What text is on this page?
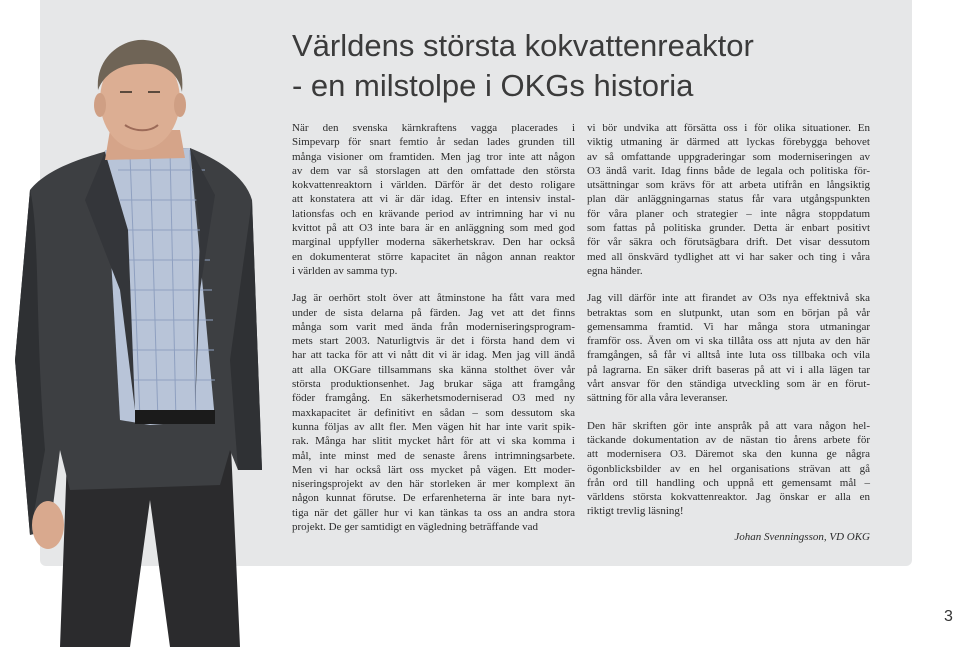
Världens största kokvattenreaktor
- en milstolpe i OKGs historia

När den svenska kärnkraftens vagga placerades i
Simpevarp för snart femtio år sedan lades grunden till
många visioner om framtiden. Men jag tror inte att någon
av dem var så storslagen att den omfattade den största
kokvattenreaktorn i världen. Därför är det desto roligare
att konstatera att vi är där idag. Efter en intensiv instal-
lationsfas och en krävande period av intrimning har vi nu
kvittot på att O3 inte bara är en anläggning som med god
marginal uppfyller moderna säkerhetskrav. Den har också
en dokumenterat större kapacitet än någon annan reaktor
i världen av samma typ.

Jag är oerhört stolt över att åtminstone ha fått vara med
under de sista delarna på färden. Jag vet att det finns
många som varit med ända från moderniseringsprogram-
mets start 2003. Naturligtvis är det i första hand dem vi
har att tacka för att vi nått dit vi är idag. Men jag vill ändå
att alla OKGare tillsammans ska känna stolthet över vår
största produktionsenhet. Jag brukar säga att framgång
föder framgång. En säkerhetsmoderniserad O3 med ny
maxkapacitet är definitivt en sådan – som dessutom ska
kunna följas av allt fler. Men vägen hit har inte varit spik-
rak. Många har slitit mycket hårt för att vi ska komma i
mål, inte minst med de senaste årens intrimningsarbete.
Men vi har också lärt oss mycket på vägen. Ett moder-
niseringsprojekt av den här storleken är mer komplext än
någon kunnat förutse. De erfarenheterna är inte bara nyt-
tiga när det gäller hur vi kan tänkas ta oss an andra stora
projekt. De ger samtidigt en vägledning beträffande vad

vi bör undvika att försätta oss i för olika situationer. En
viktig utmaning är därmed att lyckas förebygga behovet
av så omfattande uppgraderingar som moderniseringen av
O3 ändå varit. Idag finns både de legala och politiska för-
utsättningar som krävs för att arbeta utifrån en långsiktig
plan där anläggningarnas status får vara utgångspunkten
för våra planer och strategier – inte några stoppdatum
som fattas på politiska grunder. Detta är enbart positivt
för vår säkra och förutsägbara drift. Det visar dessutom
med all önskvärd tydlighet att vi har saker och ting i våra
egna händer.

Jag vill därför inte att firandet av O3s nya effektnivå ska
betraktas som en slutpunkt, utan som en början på vår
gemensamma framtid. Vi har många stora utmaningar
framför oss. Även om vi ska tillåta oss att njuta av den här
framgången, så får vi alltså inte luta oss tillbaka och vila
på lagrarna. En säker drift baseras på att vi i alla lägen tar
vårt ansvar för den ständiga utveckling som är en förut-
sättning för alla våra leveranser.

Den här skriften gör inte anspråk på att vara någon hel-
täckande dokumentation av de nästan tio årens arbete för
att modernisera O3. Däremot ska den kunna ge några
ögonblicksbilder av en hel organisations strävan att gå
från ord till handling och uppnå ett gemensamt mål –
världens största kokvattenreaktor. Jag önskar er alla en
riktigt trevlig läsning!

Johan Svenningsson, VD OKG
3
